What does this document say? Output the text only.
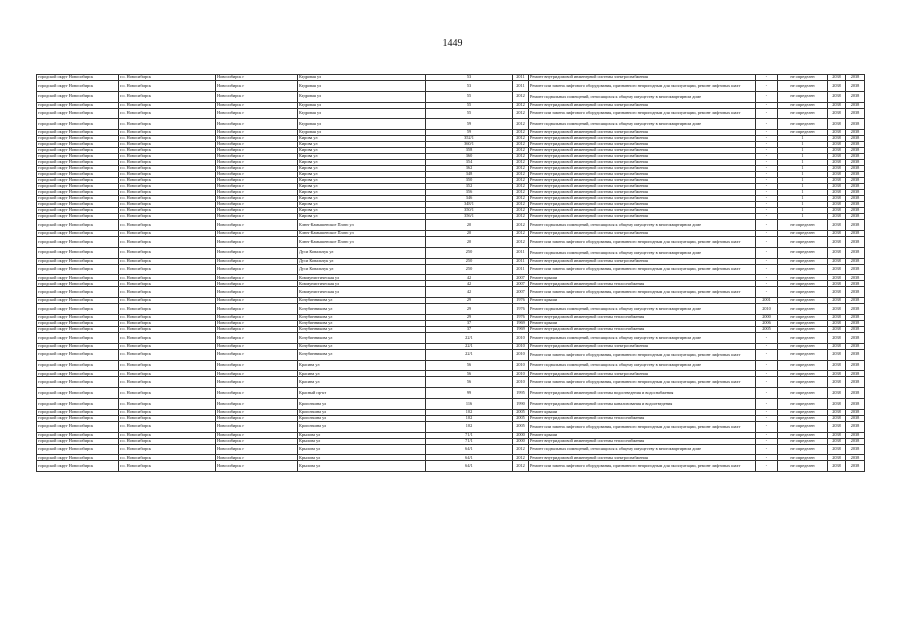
1449
городской округ Новосибирск	г.о. Новосибирск	Новосибирск г	Кедровая ул	53	2011	Ремонт внутридомовой инженерной системы электроснабжения	-	не определен	2038	2038
городской округ Новосибирск	г.о. Новосибирск	Новосибирск г	Кедровая ул	53	2011	Ремонт или замена лифтового оборудования, признанного непригодным для эксплуатации, ремонт лифтовых шахт	-	не определен	2038	2038
городской округ Новосибирск	г.о. Новосибирск	Новосибирск г	Кедровая ул	55	2012	Ремонт подвальных помещений, относящихся к общему имуществу в многоквартирном доме	-	не определен	2038	2038
городской округ Новосибирск	г.о. Новосибирск	Новосибирск г	Кедровая ул	55	2012	Ремонт внутридомовой инженерной системы электроснабжения	-	не определен	2038	2038
городской округ Новосибирск	г.о. Новосибирск	Новосибирск г	Кедровая ул	55	2012	Ремонт или замена лифтового оборудования, признанного непригодным для эксплуатации, ремонт лифтовых шахт	-	не определен	2038	2038
городской округ Новосибирск	г.о. Новосибирск	Новосибирск г	Кедровая ул	59	2012	Ремонт подвальных помещений, относящихся к общему имуществу в многоквартирном доме	-	не определен	2038	2038
городской округ Новосибирск	г.о. Новосибирск	Новосибирск г	Кедровая ул	59	2012	Ремонт внутридомовой инженерной системы электроснабжения	-	не определен	2038	2038
городской округ Новосибирск	г.о. Новосибирск	Новосибирск г	Кирова ул	352/1	2012	Ремонт внутридомовой инженерной системы электроснабжения	-	1	2038	2038
городской округ Новосибирск	г.о. Новосибирск	Новосибирск г	Кирова ул	360/1	2012	Ремонт внутридомовой инженерной системы электроснабжения	-	1	2038	2038
городской округ Новосибирск	г.о. Новосибирск	Новосибирск г	Кирова ул	358	2012	Ремонт внутридомовой инженерной системы электроснабжения	-	1	2038	2038
городской округ Новосибирск	г.о. Новосибирск	Новосибирск г	Кирова ул	360	2012	Ремонт внутридомовой инженерной системы электроснабжения	-	1	2038	2038
городской округ Новосибирск	г.о. Новосибирск	Новосибирск г	Кирова ул	354	2012	Ремонт внутридомовой инженерной системы электроснабжения	-	1	2038	2038
городской округ Новосибирск	г.о. Новосибирск	Новосибирск г	Кирова ул	362	2012	Ремонт внутридомовой инженерной системы электроснабжения	-	1	2038	2038
городской округ Новосибирск	г.о. Новосибирск	Новосибирск г	Кирова ул	348	2012	Ремонт внутридомовой инженерной системы электроснабжения	-	1	2038	2038
городской округ Новосибирск	г.о. Новосибирск	Новосибирск г	Кирова ул	350	2012	Ремонт внутридомовой инженерной системы электроснабжения	-	1	2038	2038
городской округ Новосибирск	г.о. Новосибирск	Новосибирск г	Кирова ул	352	2012	Ремонт внутридомовой инженерной системы электроснабжения	-	1	2038	2038
городской округ Новосибирск	г.о. Новосибирск	Новосибирск г	Кирова ул	356	2012	Ремонт внутридомовой инженерной системы электроснабжения	-	1	2038	2038
городской округ Новосибирск	г.о. Новосибирск	Новосибирск г	Кирова ул	346	2012	Ремонт внутридомовой инженерной системы электроснабжения	-	1	2038	2038
городской округ Новосибирск	г.о. Новосибирск	Новосибирск г	Кирова ул	348/1	2012	Ремонт внутридомовой инженерной системы электроснабжения	-	1	2038	2038
городской округ Новосибирск	г.о. Новосибирск	Новосибирск г	Кирова ул	350/1	2012	Ремонт внутридомовой инженерной системы электроснабжения	-	1	2038	2038
городской округ Новосибирск	г.о. Новосибирск	Новосибирск г	Кирова ул	356/1	2012	Ремонт внутридомовой инженерной системы электроснабжения	-	1	2038	2038
городской округ Новосибирск	г.о. Новосибирск	Новосибирск г	Ключ-Камышенское Плато ул	20	2012	Ремонт подвальных помещений, относящихся к общему имуществу в многоквартирном доме	-	не определен	2038	2038
городской округ Новосибирск	г.о. Новосибирск	Новосибирск г	Ключ-Камышенское Плато ул	20	2012	Ремонт внутридомовой инженерной системы электроснабжения	-	не определен	2038	2038
городской округ Новосибирск	г.о. Новосибирск	Новосибирск г	Ключ-Камышенское Плато ул	20	2012	Ремонт или замена лифтового оборудования, признанного непригодным для эксплуатации, ремонт лифтовых шахт	-	не определен	2038	2038
городской округ Новосибирск	г.о. Новосибирск	Новосибирск г	Дуси Ковальчук ул	250	2011	Ремонт подвальных помещений, относящихся к общему имуществу в многоквартирном доме	-	не определен	2038	2038
городской округ Новосибирск	г.о. Новосибирск	Новосибирск г	Дуси Ковальчук ул	250	2011	Ремонт внутридомовой инженерной системы электроснабжения	-	не определен	2038	2038
городской округ Новосибирск	г.о. Новосибирск	Новосибирск г	Дуси Ковальчук ул	250	2011	Ремонт или замена лифтового оборудования, признанного непригодным для эксплуатации, ремонт лифтовых шахт	-	не определен	2038	2038
городской округ Новосибирск	г.о. Новосибирск	Новосибирск г	Коммунистическая ул	42	2007	Ремонт крыши	-	не определен	2038	2038
городской округ Новосибирск	г.о. Новосибирск	Новосибирск г	Коммунистическая ул	42	2007	Ремонт внутридомовой инженерной системы теплоснабжения	-	не определен	2038	2038
городской округ Новосибирск	г.о. Новосибирск	Новосибирск г	Коммунистическая ул	42	2007	Ремонт или замена лифтового оборудования, признанного непригодным для эксплуатации, ремонт лифтовых шахт	-	не определен	2038	2038
городской округ Новосибирск	г.о. Новосибирск	Новосибирск г	Кочубинникова ул	29	1976	Ремонт крыши	2001	не определен	2038	2038
городской округ Новосибирск	г.о. Новосибирск	Новосибирск г	Кочубинникова ул	29	1976	Ремонт подвальных помещений, относящихся к общему имуществу в многоквартирном доме	2010	не определен	2038	2038
городской округ Новосибирск	г.о. Новосибирск	Новосибирск г	Кочубинникова ул	29	1976	Ремонт внутридомовой инженерной системы теплоснабжения	2000	не определен	2038	2038
городской округ Новосибирск	г.о. Новосибирск	Новосибирск г	Кочубинникова ул	37	1969	Ремонт крыши	2006	не определен	2038	2038
городской округ Новосибирск	г.о. Новосибирск	Новосибирск г	Кочубинникова ул	37	1969	Ремонт внутридомовой инженерной системы теплоснабжения	2005	не определен	2038	2038
городской округ Новосибирск	г.о. Новосибирск	Новосибирск г	Кочубинникова ул	22/1	2010	Ремонт подвальных помещений, относящихся к общему имуществу в многоквартирном доме	-	не определен	2038	2038
городской округ Новосибирск	г.о. Новосибирск	Новосибирск г	Кочубинникова ул	22/1	2010	Ремонт внутридомовой инженерной системы электроснабжения	-	не определен	2038	2038
городской округ Новосибирск	г.о. Новосибирск	Новосибирск г	Кочубинникова ул	22/1	2010	Ремонт или замена лифтового оборудования, признанного непригодным для эксплуатации, ремонт лифтовых шахт	-	не определен	2038	2038
городской округ Новосибирск	г.о. Новосибирск	Новосибирск г	Красина ул	56	2010	Ремонт подвальных помещений, относящихся к общему имуществу в многоквартирном доме	-	не определен	2038	2038
городской округ Новосибирск	г.о. Новосибирск	Новосибирск г	Красина ул	56	2010	Ремонт внутридомовой инженерной системы электроснабжения	-	не определен	2038	2038
городской округ Новосибирск	г.о. Новосибирск	Новосибирск г	Красина ул	56	2010	Ремонт или замена лифтового оборудования, признанного непригодным для эксплуатации, ремонт лифтовых шахт	-	не определен	2038	2038
городской округ Новосибирск	г.о. Новосибирск	Новосибирск г	Красный пр-кт	99	1995	Ремонт внутридомовой инженерной системы водоотведения и водоснабжения	-	не определен	2038	2038
городской округ Новосибирск	г.о. Новосибирск	Новосибирск г	Кропоткина ул	116	1990	Ремонт внутридомовой инженерной системы канализования и водоотведения	-	не определен	2038	2038
городской округ Новосибирск	г.о. Новосибирск	Новосибирск г	Кропоткина ул	102	2005	Ремонт крыши	-	не определен	2038	2038
городской округ Новосибирск	г.о. Новосибирск	Новосибирск г	Кропоткина ул	102	2005	Ремонт внутридомовой инженерной системы теплоснабжения	-	не определен	2038	2038
городской округ Новосибирск	г.о. Новосибирск	Новосибирск г	Кропоткина ул	102	2005	Ремонт или замена лифтового оборудования, признанного непригодным для эксплуатации, ремонт лифтовых шахт	-	не определен	2038	2038
городской округ Новосибирск	г.о. Новосибирск	Новосибирск г	Крылова ул	71/1	2000	Ремонт крыши	-	не определен	2038	2038
городской округ Новосибирск	г.о. Новосибирск	Новосибирск г	Крылова ул	71/1	2000	Ремонт внутридомовой инженерной системы теплоснабжения	-	не определен	2038	2038
городской округ Новосибирск	г.о. Новосибирск	Новосибирск г	Крылова ул	64/1	2012	Ремонт подвальных помещений, относящихся к общему имуществу в многоквартирном доме	-	не определен	2038	2038
городской округ Новосибирск	г.о. Новосибирск	Новосибирск г	Крылова ул	64/1	2012	Ремонт внутридомовой инженерной системы электроснабжения	-	не определен	2038	2038
городской округ Новосибирск	г.о. Новосибирск	Новосибирск г	Крылова ул	64/1	2012	Ремонт или замена лифтового оборудования, признанного непригодным для эксплуатации, ремонт лифтовых шахт	-	не определен	2038	2038
